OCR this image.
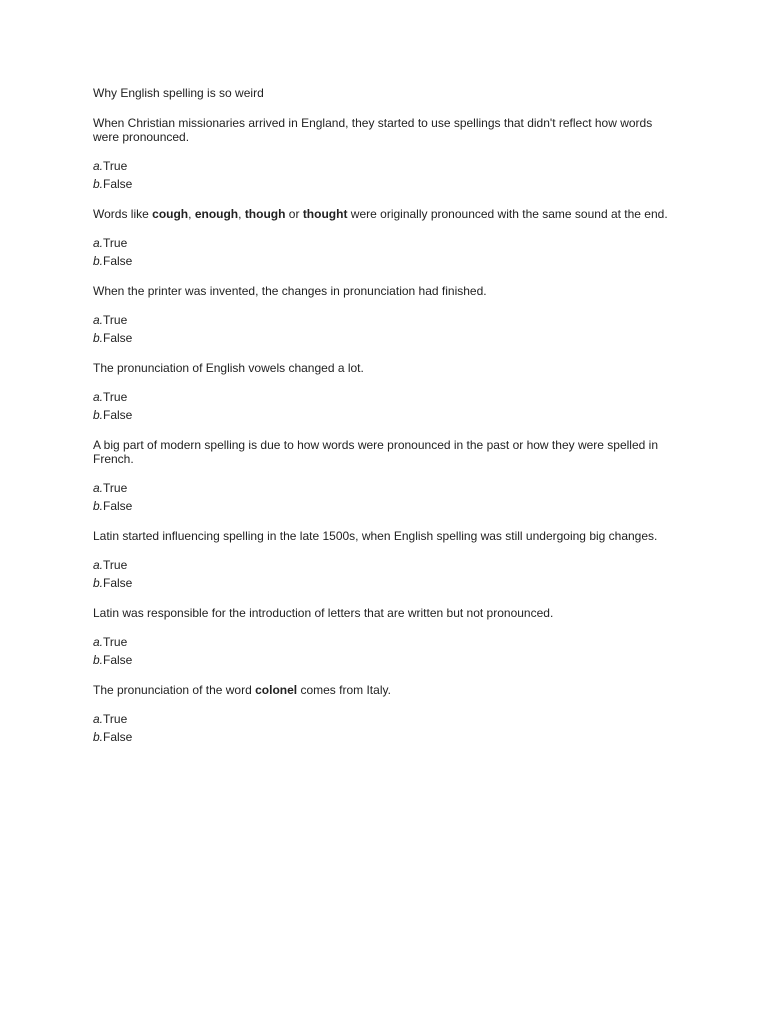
Why English spelling is so weird
When Christian missionaries arrived in England, they started to use spellings that didn't reflect how words were pronounced.
a.True
b.False
Words like cough, enough, though or thought were originally pronounced with the same sound at the end.
a.True
b.False
When the printer was invented, the changes in pronunciation had finished.
a.True
b.False
The pronunciation of English vowels changed a lot.
a.True
b.False
A big part of modern spelling is due to how words were pronounced in the past or how they were spelled in French.
a.True
b.False
Latin started influencing spelling in the late 1500s, when English spelling was still undergoing big changes.
a.True
b.False
Latin was responsible for the introduction of letters that are written but not pronounced.
a.True
b.False
The pronunciation of the word colonel comes from Italy.
a.True
b.False
